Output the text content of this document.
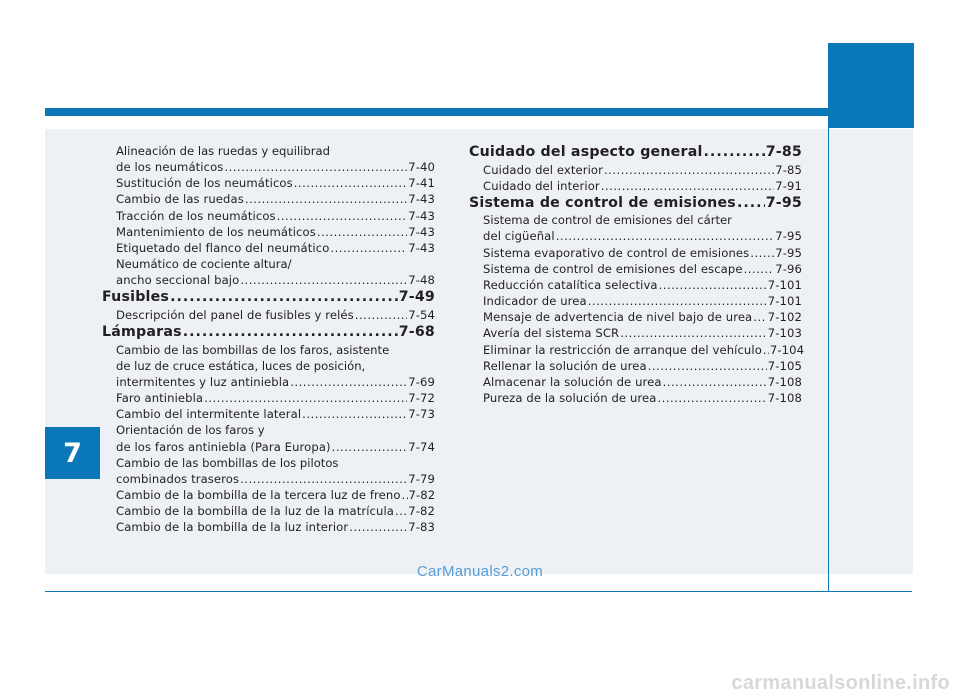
7
Alineación de las ruedas y equilibrad
de los neumáticos .....	7-40
Sustitución de los neumáticos .....	7-41
Cambio de las ruedas .....	7-43
Tracción de los neumáticos .....	7-43
Mantenimiento de los neumáticos .....	7-43
Etiquetado del flanco del neumático .....	7-43
Neumático de cociente altura/
ancho seccional bajo .....	7-48
Fusibles .....	7-49
Descripción del panel de fusibles y relés .....	7-54
Lámparas .....	7-68
Cambio de las bombillas de los faros, asistente
de luz de cruce estática, luces de posición,
intermitentes y luz antiniebla .....	7-69
Faro antiniebla .....	7-72
Cambio del intermitente lateral .....	7-73
Orientación de los faros y
de los faros antiniebla (Para Europa) .....	7-74
Cambio de las bombillas de los pilotos
combinados traseros .....	7-79
Cambio de la bombilla de la tercera luz de freno ..... 7-82
Cambio de la bombilla de la luz de la matrícula ..... 7-82
Cambio de la bombilla de la luz interior .....	7-83
Cuidado del aspecto general .....	7-85
Cuidado del exterior .....	7-85
Cuidado del interior .....	7-91
Sistema de control de emisiones ..... 7-95
Sistema de control de emisiones del cárter
del cigüeñal .....	7-95
Sistema evaporativo de control de emisiones ..... 7-95
Sistema de control de emisiones del escape .....	7-96
Reducción catalítica selectiva .....	7-101
Indicador de urea .....	7-101
Mensaje de advertencia de nivel bajo de urea ..... 7-102
Avería del sistema SCR .....	7-103
Eliminar la restricción de arranque del vehículo ..... 7-104
Rellenar la solución de urea .....	7-105
Almacenar la solución de urea .....	7-108
Pureza de la solución de urea .....	7-108
CarManuals2.com
carmanualsonline.info
